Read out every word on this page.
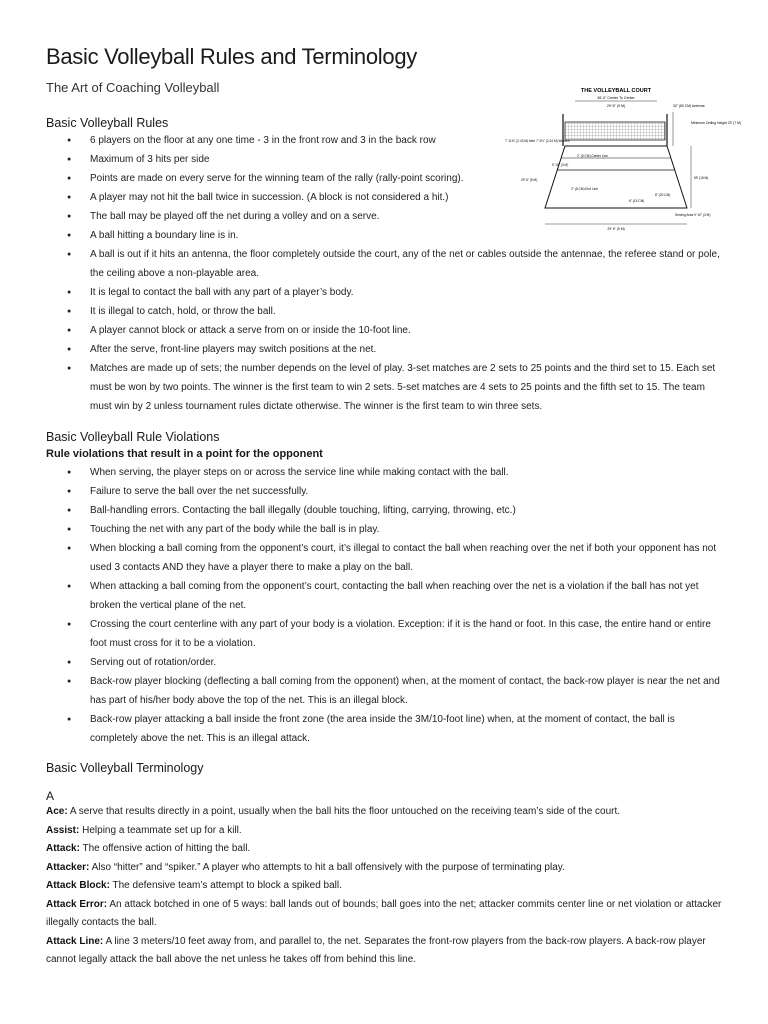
Basic Volleyball Rules and Terminology

The Art of Coaching Volleyball	THE VOLLEYBALL COURT
36'-0" Center To Center
29' 6" (9 M)	32" (80 CM) Antenna
Minimum Ceiling Height 23' (7 M)
7' 11⅝" (2.43 M) Men 7' 4⅛" (2.24 M) Women
2" (5 CM) Center Line
9' 10" (3 M)
29' 6" (9 M)
2" (5 CM) End Line
59' (18 M)
8" (20 CM)
6" (15 CM)
Serving Area 9' 10" (3 M)
29' 6" (9 M)
Basic Volleyball Rules
● 6 players on the floor at any one time - 3 in the front row and 3 in the back row
● Maximum of 3 hits per side
● Points are made on every serve for the winning team of the rally (rally-point scoring).
● A player may not hit the ball twice in succession. (A block is not considered a hit.)
● The ball may be played off the net during a volley and on a serve.
● A ball hitting a boundary line is in.
● A ball is out if it hits an antenna, the floor completely outside the court, any of the net or cables outside the antennae, the referee stand or pole, the ceiling above a non-playable area.
● It is legal to contact the ball with any part of a player’s body.
● It is illegal to catch, hold, or throw the ball.
● A player cannot block or attack a serve from on or inside the 10-foot line.
● After the serve, front-line players may switch positions at the net.
● Matches are made up of sets; the number depends on the level of play. 3-set matches are 2 sets to 25 points and the third set to 15. Each set must be won by two points. The winner is the first team to win 2 sets. 5-set matches are 4 sets to 25 points and the fifth set to 15. The team must win by 2 unless tournament rules dictate otherwise. The winner is the first team to win three sets.
Basic Volleyball Rule Violations

Rule violations that result in a point for the opponent

● When serving, the player steps on or across the service line while making contact with the ball.
● Failure to serve the ball over the net successfully.
● Ball-handling errors. Contacting the ball illegally (double touching, lifting, carrying, throwing, etc.)
● Touching the net with any part of the body while the ball is in play.
● When blocking a ball coming from the opponent’s court, it’s illegal to contact the ball when reaching over the net if both your opponent has not used 3 contacts AND they have a player there to make a play on the ball.
● When attacking a ball coming from the opponent’s court, contacting the ball when reaching over the net is a violation if the ball has not yet broken the vertical plane of the net.
● Crossing the court centerline with any part of your body is a violation. Exception: if it is the hand or foot. In this case, the entire hand or entire foot must cross for it to be a violation.
● Serving out of rotation/order.
● Back-row player blocking (deflecting a ball coming from the opponent) when, at the moment of contact, the back-row player is near the net and has part of his/her body above the top of the net. This is an illegal block.
● Back-row player attacking a ball inside the front zone (the area inside the 3M/10-foot line) when, at the moment of contact, the ball is completely above the net. This is an illegal attack.
Basic Volleyball Terminology

A

Ace: A serve that results directly in a point, usually when the ball hits the floor untouched on the receiving team’s side of the court.

Assist: Helping a teammate set up for a kill.

Attack: The offensive action of hitting the ball.

Attacker: Also “hitter” and “spiker.” A player who attempts to hit a ball offensively with the purpose of terminating play.

Attack Block: The defensive team’s attempt to block a spiked ball.

Attack Error: An attack botched in one of 5 ways: ball lands out of bounds; ball goes into the net; attacker commits center line or net violation or attacker illegally contacts the ball.

Attack Line: A line 3 meters/10 feet away from, and parallel to, the net. Separates the front-row players from the back-row players. A back-row player cannot legally attack the ball above the net unless he takes off from behind this line.
